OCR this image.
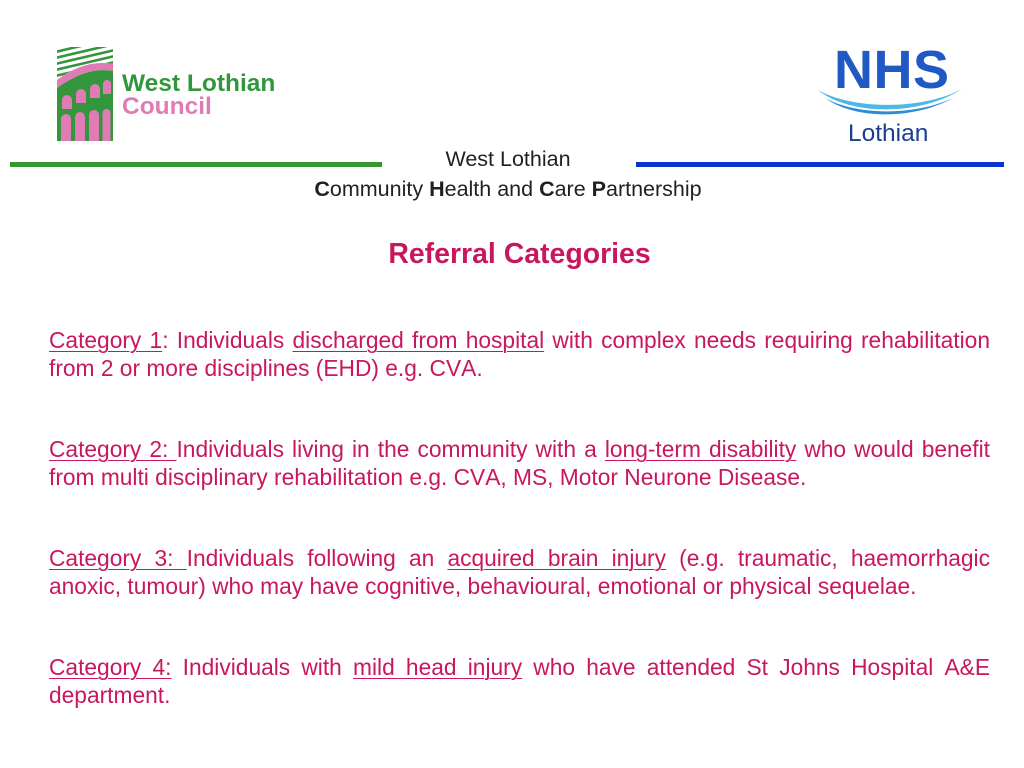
West Lothian
Council
NHS
Lothian
West Lothian
Community Health and Care Partnership
Referral Categories

Category 1: Individuals discharged from hospital with complex needs requiring rehabilitation from 2 or more disciplines (EHD) e.g. CVA.

Category 2: Individuals living in the community with a long-term disability who would benefit from multi disciplinary rehabilitation e.g. CVA, MS, Motor Neurone Disease.

Category 3: Individuals following an acquired brain injury (e.g. traumatic, haemorrhagic anoxic, tumour) who may have cognitive, behavioural, emotional or physical sequelae.

Category 4: Individuals with mild head injury who have attended St Johns Hospital A&E department.
